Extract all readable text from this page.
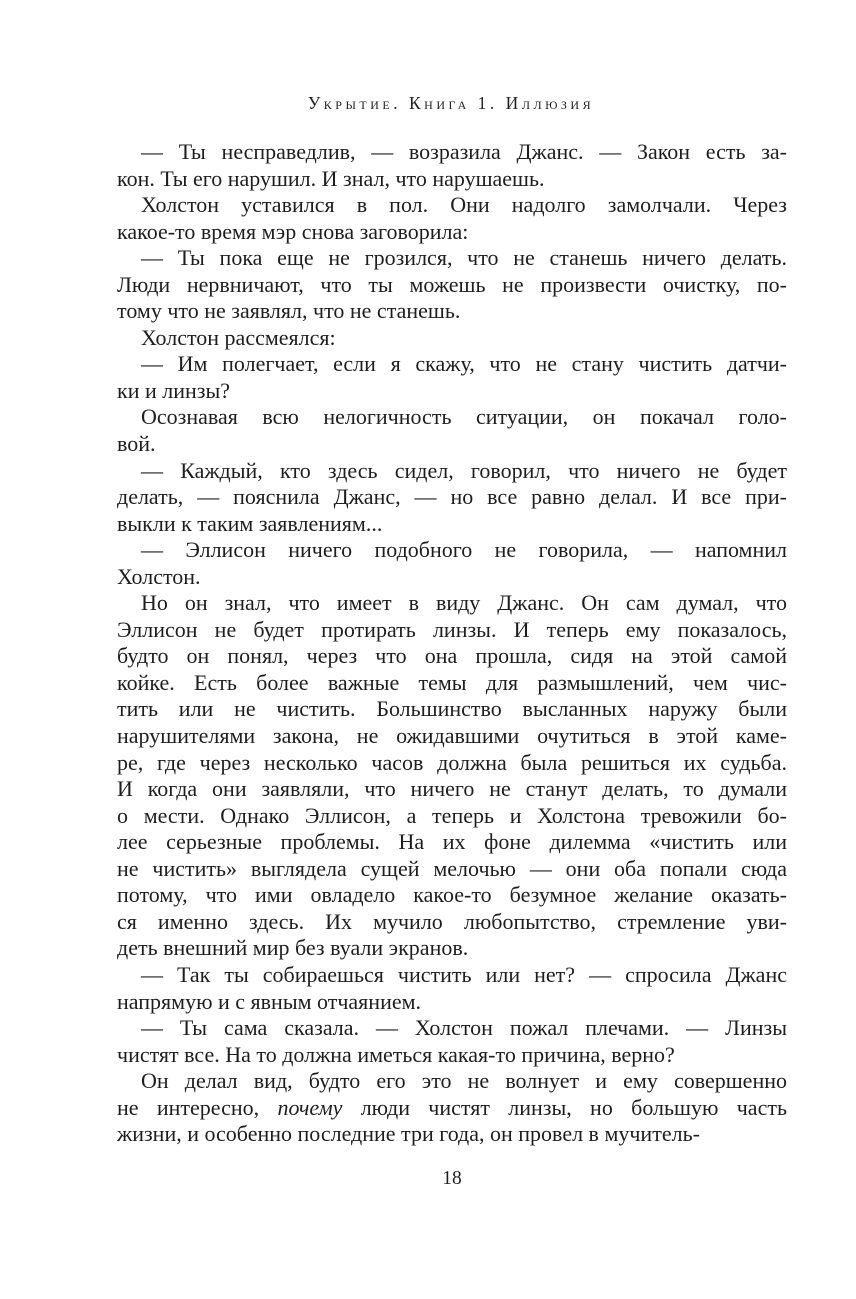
Укрытие. Книга 1. Иллюзия
— Ты несправедлив, — возразила Джанс. — Закон есть за-
кон. Ты его нарушил. И знал, что нарушаешь.
Холстон уставился в пол. Они надолго замолчали. Через
какое-то время мэр снова заговорила:
— Ты пока еще не грозился, что не станешь ничего делать.
Люди нервничают, что ты можешь не произвести очистку, по-
тому что не заявлял, что не станешь.
Холстон рассмеялся:
— Им полегчает, если я скажу, что не стану чистить датчи-
ки и линзы?
Осознавая всю нелогичность ситуации, он покачал голо-
вой.
— Каждый, кто здесь сидел, говорил, что ничего не будет
делать, — пояснила Джанс, — но все равно делал. И все при-
выкли к таким заявлениям...
— Эллисон ничего подобного не говорила, — напомнил
Холстон.
Но он знал, что имеет в виду Джанс. Он сам думал, что
Эллисон не будет протирать линзы. И теперь ему показалось,
будто он понял, через что она прошла, сидя на этой самой
койке. Есть более важные темы для размышлений, чем чис-
тить или не чистить. Большинство высланных наружу были
нарушителями закона, не ожидавшими очутиться в этой каме-
ре, где через несколько часов должна была решиться их судьба.
И когда они заявляли, что ничего не станут делать, то думали
о мести. Однако Эллисон, а теперь и Холстона тревожили бо-
лее серьезные проблемы. На их фоне дилемма «чистить или
не чистить» выглядела сущей мелочью — они оба попали сюда
потому, что ими овладело какое-то безумное желание оказать-
ся именно здесь. Их мучило любопытство, стремление уви-
деть внешний мир без вуали экранов.
— Так ты собираешься чистить или нет? — спросила Джанс
напрямую и с явным отчаянием.
— Ты сама сказала. — Холстон пожал плечами. — Линзы
чистят все. На то должна иметься какая-то причина, верно?
Он делал вид, будто его это не волнует и ему совершенно
не интересно, почему люди чистят линзы, но большую часть
жизни, и особенно последние три года, он провел в мучитель-
18
